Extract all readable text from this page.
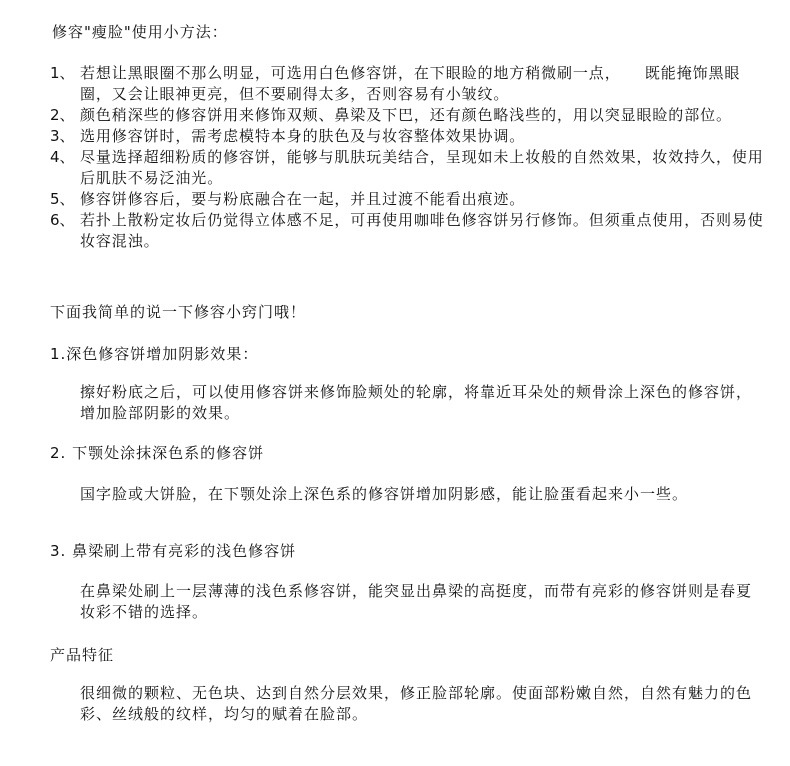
修容"瘦脸"使用小方法：
1、 若想让黑眼圈不那么明显，可选用白色修容饼，在下眼睑的地方稍微刷一点，　　既能掩饰黑眼圈，又会让眼神更亮，但不要刷得太多，否则容易有小皱纹。
2、 颜色稍深些的修容饼用来修饰双颊、鼻梁及下巴，还有颜色略浅些的，用以突显眼睑的部位。
3、 选用修容饼时，需考虑模特本身的肤色及与妆容整体效果协调。
4、 尽量选择超细粉质的修容饼，能够与肌肤玩美结合，呈现如未上妆般的自然效果，妆效持久，使用后肌肤不易泛油光。
5、 修容饼修容后，要与粉底融合在一起，并且过渡不能看出痕迹。
6、 若扑上散粉定妆后仍觉得立体感不足，可再使用咖啡色修容饼另行修饰。但须重点使用，否则易使妆容混浊。
下面我简单的说一下修容小窍门哦！
1.深色修容饼增加阴影效果：
擦好粉底之后，可以使用修容饼来修饰脸颊处的轮廓，将靠近耳朵处的颊骨涂上深色的修容饼，增加脸部阴影的效果。
2. 下颚处涂抹深色系的修容饼
国字脸或大饼脸，在下颚处涂上深色系的修容饼增加阴影感，能让脸蛋看起来小一些。
3. 鼻梁刷上带有亮彩的浅色修容饼
在鼻梁处刷上一层薄薄的浅色系修容饼，能突显出鼻梁的高挺度，而带有亮彩的修容饼则是春夏妆彩不错的选择。
产品特征
很细微的颗粒、无色块、达到自然分层效果，修正脸部轮廓。使面部粉嫩自然，自然有魅力的色彩、丝绒般的纹样，均匀的赋着在脸部。
